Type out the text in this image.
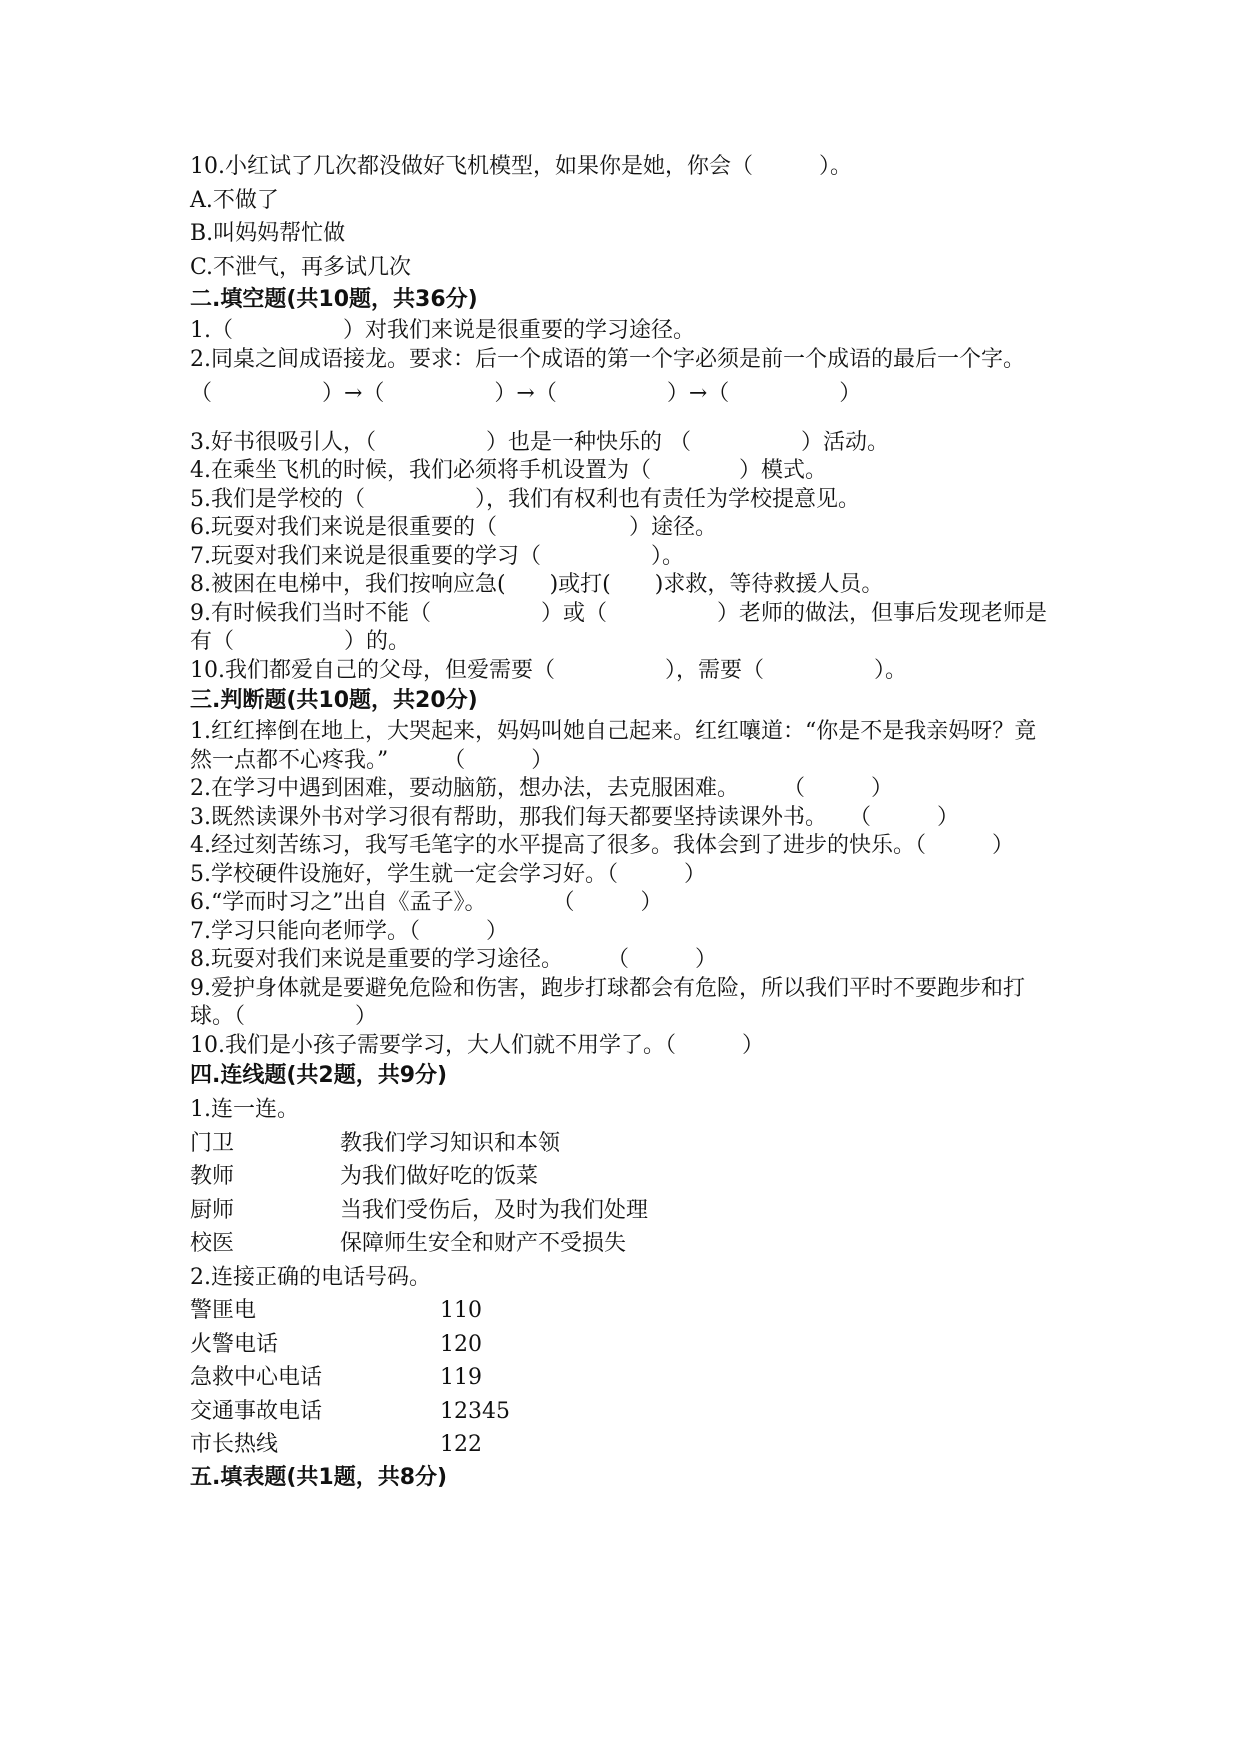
10.小红试了几次都没做好飞机模型，如果你是她，你会（　　　）。

A.不做了

B.叫妈妈帮忙做

C.不泄气，再多试几次

二.填空题(共10题，共36分)

1.（　　　　　）对我们来说是很重要的学习途径。

2.同桌之间成语接龙。要求：后一个成语的第一个字必须是前一个成语的最后一个字。

（　　　　　）→（　　　　　）→（　　　　　）→（　　　　　）

3.好书很吸引人，（　　　　　）也是一种快乐的 （　　　　　）活动。

4.在乘坐飞机的时候，我们必须将手机设置为（　　　　）模式。

5.我们是学校的（　　　　　），我们有权利也有责任为学校提意见。

6.玩耍对我们来说是很重要的（　　　　　　）途径。

7.玩耍对我们来说是很重要的学习（　　　　　）。

8.被困在电梯中，我们按响应急(　　)或打(　　)求救，等待救援人员。

9.有时候我们当时不能（　　　　　）或（　　　　　）老师的做法，但事后发现老师是有（　　　　　）的。

10.我们都爱自己的父母，但爱需要（　　　　　），需要（　　　　　）。

三.判断题(共10题，共20分)

1.红红摔倒在地上，大哭起来，妈妈叫她自己起来。红红嚷道：“你是不是我亲妈呀？竟然一点都不心疼我。”　　　（　　　）

2.在学习中遇到困难，要动脑筋，想办法，去克服困难。　　　（　　　）

3.既然读课外书对学习很有帮助，那我们每天都要坚持读课外书。　　（　　　）

4.经过刻苦练习，我写毛笔字的水平提高了很多。我体会到了进步的快乐。（　　　）

5.学校硬件设施好，学生就一定会学习好。（　　　）

6.“学而时习之”出自《孟子》。　　　　（　　　）

7.学习只能向老师学。（　　　）

8.玩耍对我们来说是重要的学习途径。　　　（　　　）

9.爱护身体就是要避免危险和伤害，跑步打球都会有危险，所以我们平时不要跑步和打球。（　　　　　）

10.我们是小孩子需要学习，大人们就不用学了。（　　　）

四.连线题(共2题，共9分)

1.连一连。

门卫	教我们学习知识和本领
教师	为我们做好吃的饭菜
厨师	当我们受伤后，及时为我们处理
校医	保障师生安全和财产不受损失

2.连接正确的电话号码。

警匪电	110
火警电话	120
急救中心电话	119
交通事故电话	12345
市长热线	122
五.填表题(共1题，共8分)
